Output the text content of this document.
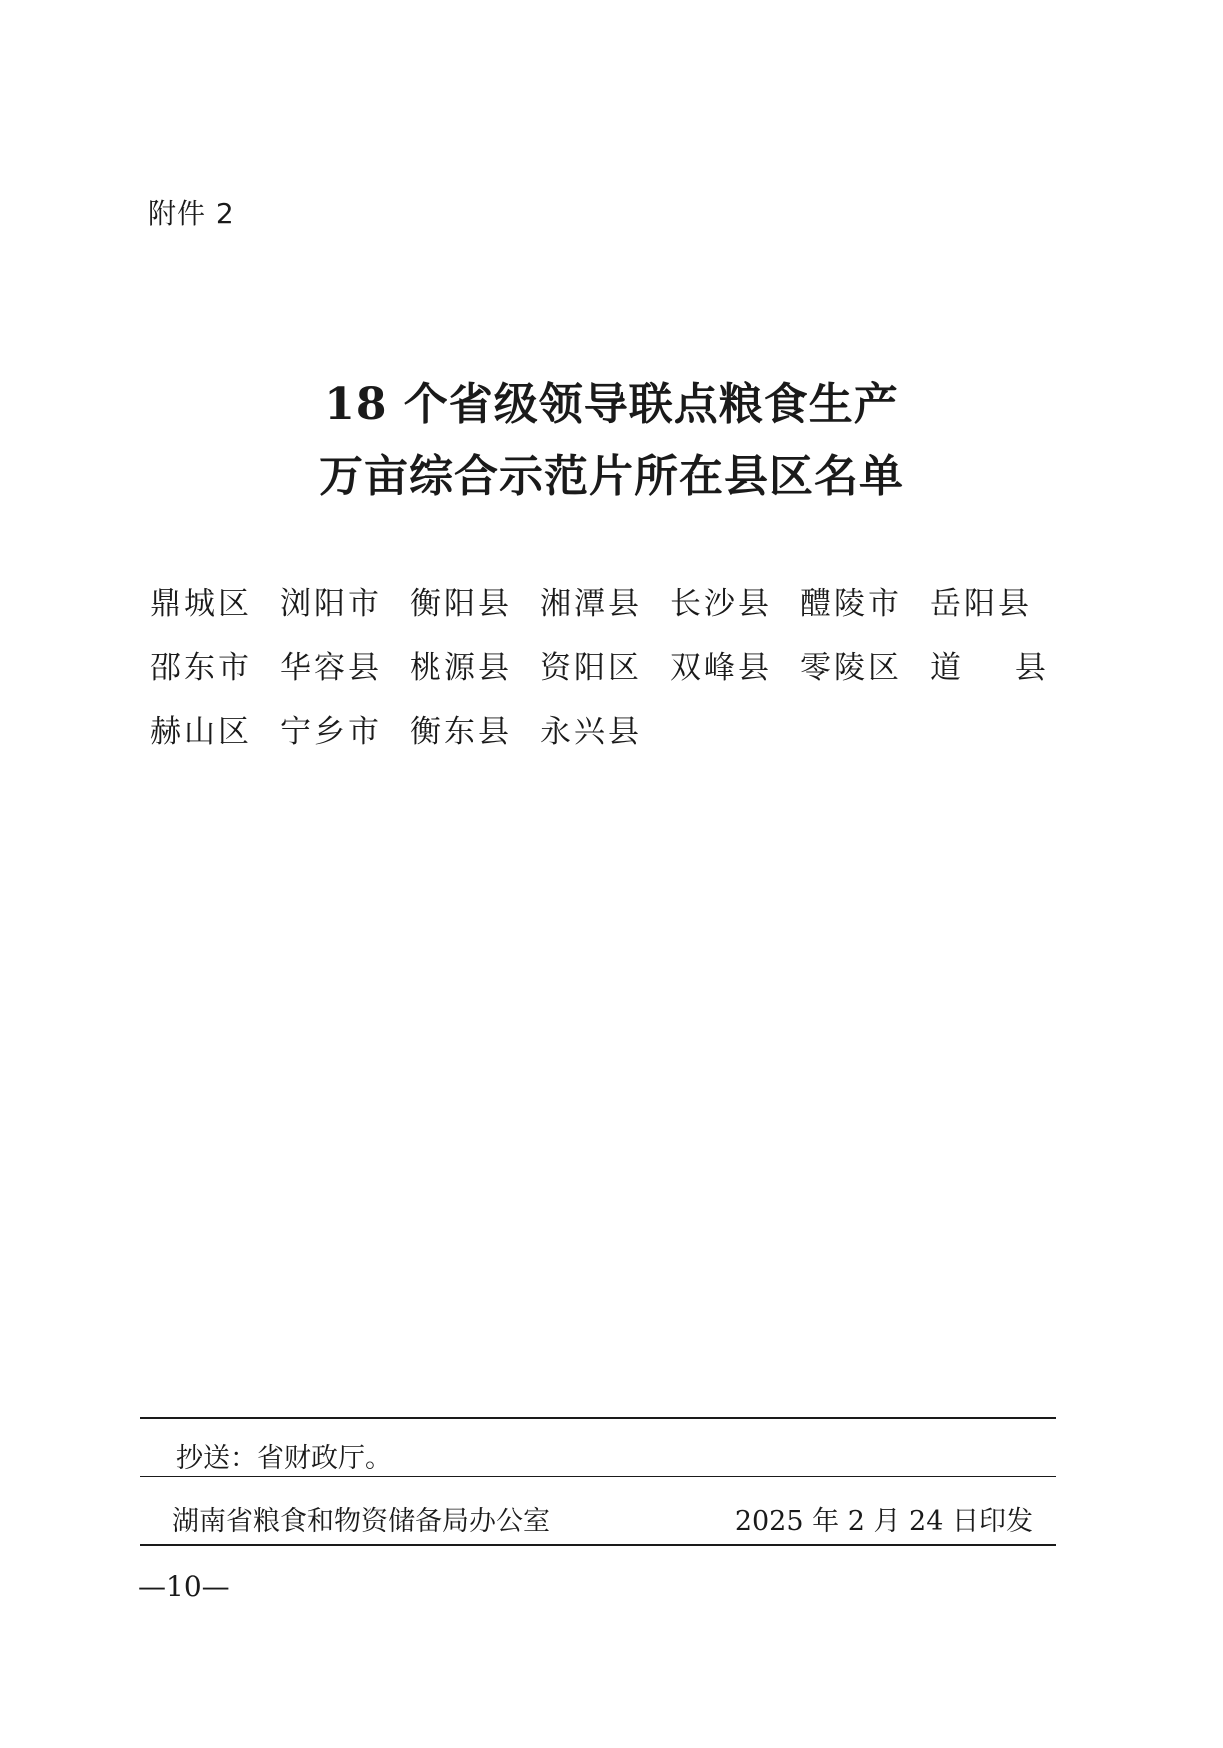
附件 2
18 个省级领导联点粮食生产
万亩综合示范片所在县区名单
鼎城区 浏阳市 衡阳县 湘潭县 长沙县 醴陵市 岳阳县
邵东市 华容县 桃源县 资阳区 双峰县 零陵区 道 县
赫山区 宁乡市 衡东县 永兴县
抄送：省财政厅。
湖南省粮食和物资储备局办公室	2025 年 2 月 24 日印发
—10—
